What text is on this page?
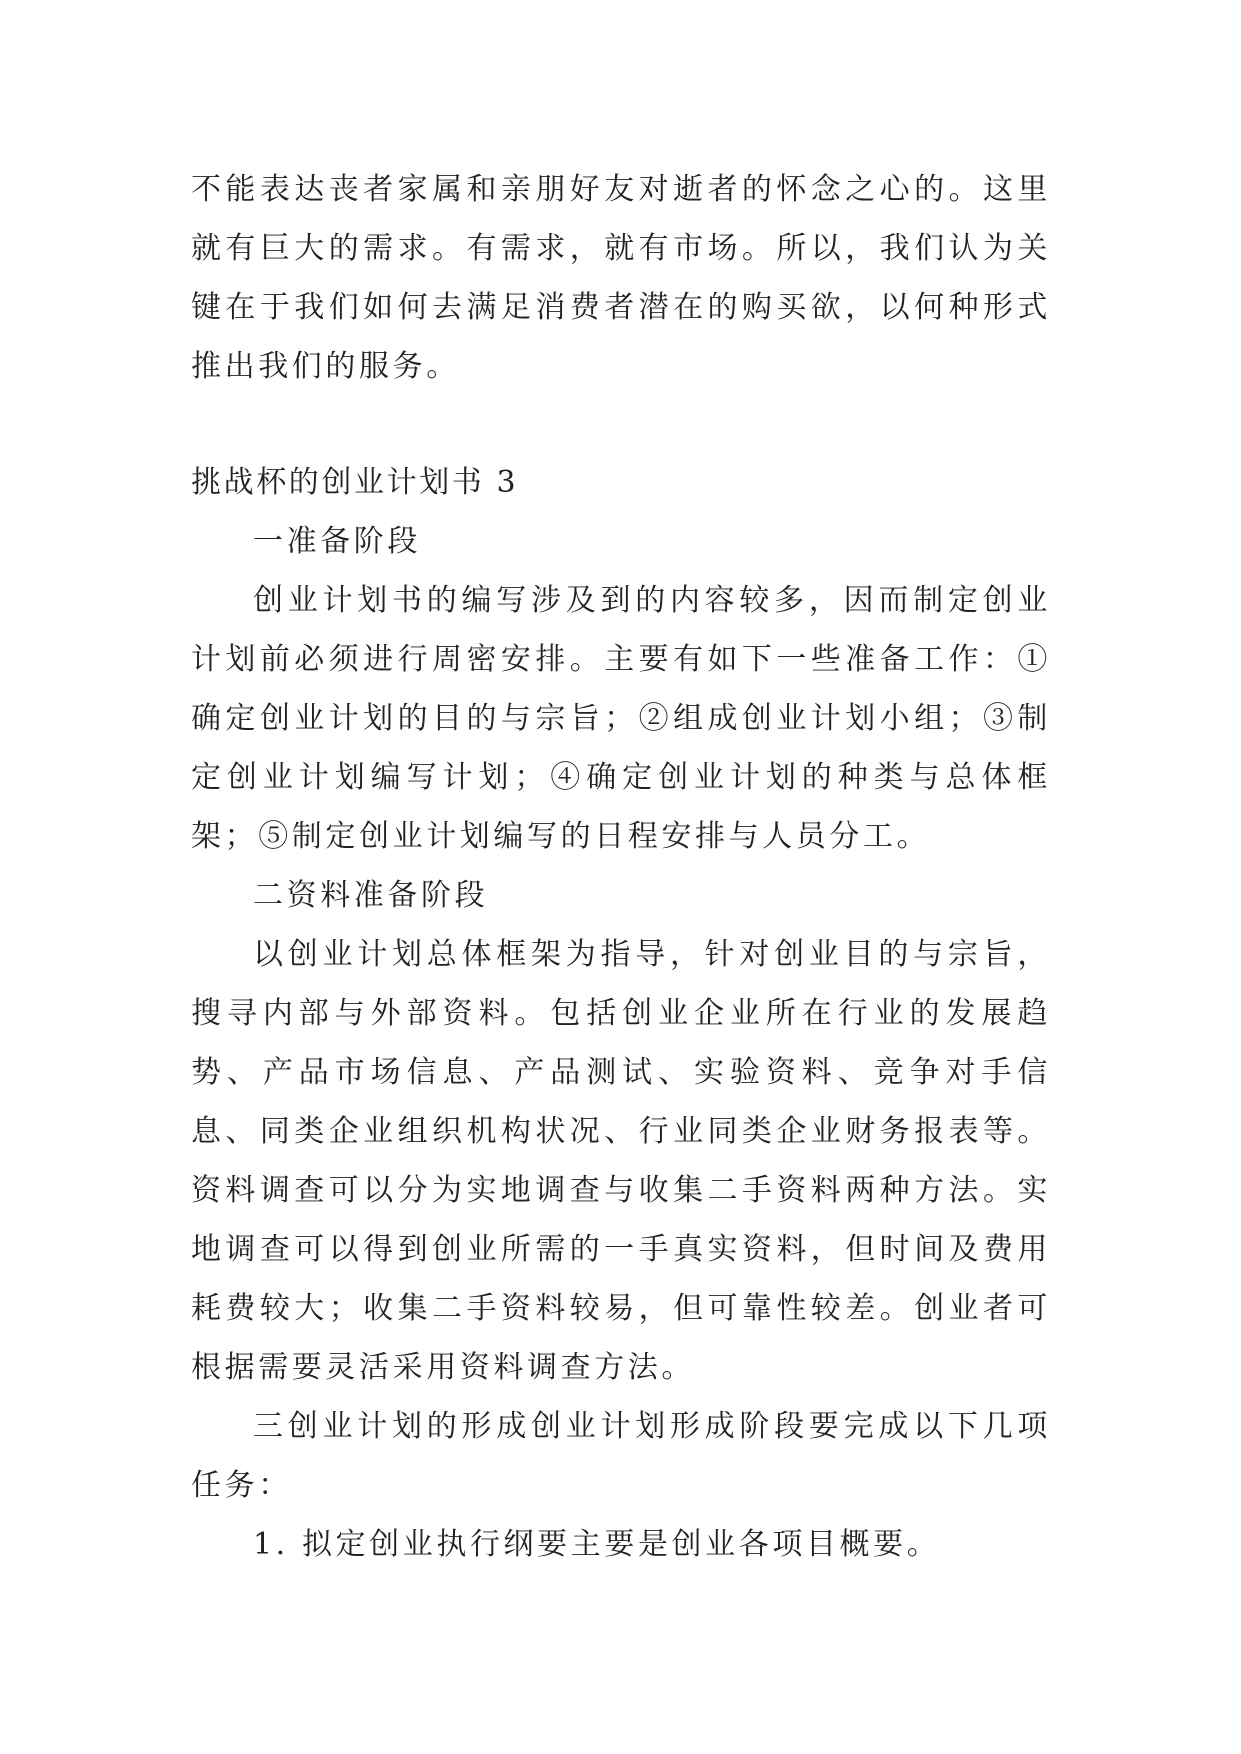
不能表达丧者家属和亲朋好友对逝者的怀念之心的。这里就有巨大的需求。有需求，就有市场。所以，我们认为关键在于我们如何去满足消费者潜在的购买欲，以何种形式推出我们的服务。

挑战杯的创业计划书 3

一准备阶段

创业计划书的编写涉及到的内容较多，因而制定创业计划前必须进行周密安排。主要有如下一些准备工作：①确定创业计划的目的与宗旨；②组成创业计划小组；③制定创业计划编写计划；④确定创业计划的种类与总体框架；⑤制定创业计划编写的日程安排与人员分工。

二资料准备阶段

以创业计划总体框架为指导，针对创业目的与宗旨，搜寻内部与外部资料。包括创业企业所在行业的发展趋势、产品市场信息、产品测试、实验资料、竞争对手信息、同类企业组织机构状况、行业同类企业财务报表等。资料调查可以分为实地调查与收集二手资料两种方法。实地调查可以得到创业所需的一手真实资料，但时间及费用耗费较大；收集二手资料较易，但可靠性较差。创业者可根据需要灵活采用资料调查方法。

三创业计划的形成创业计划形成阶段要完成以下几项任务：

1. 拟定创业执行纲要主要是创业各项目概要。
